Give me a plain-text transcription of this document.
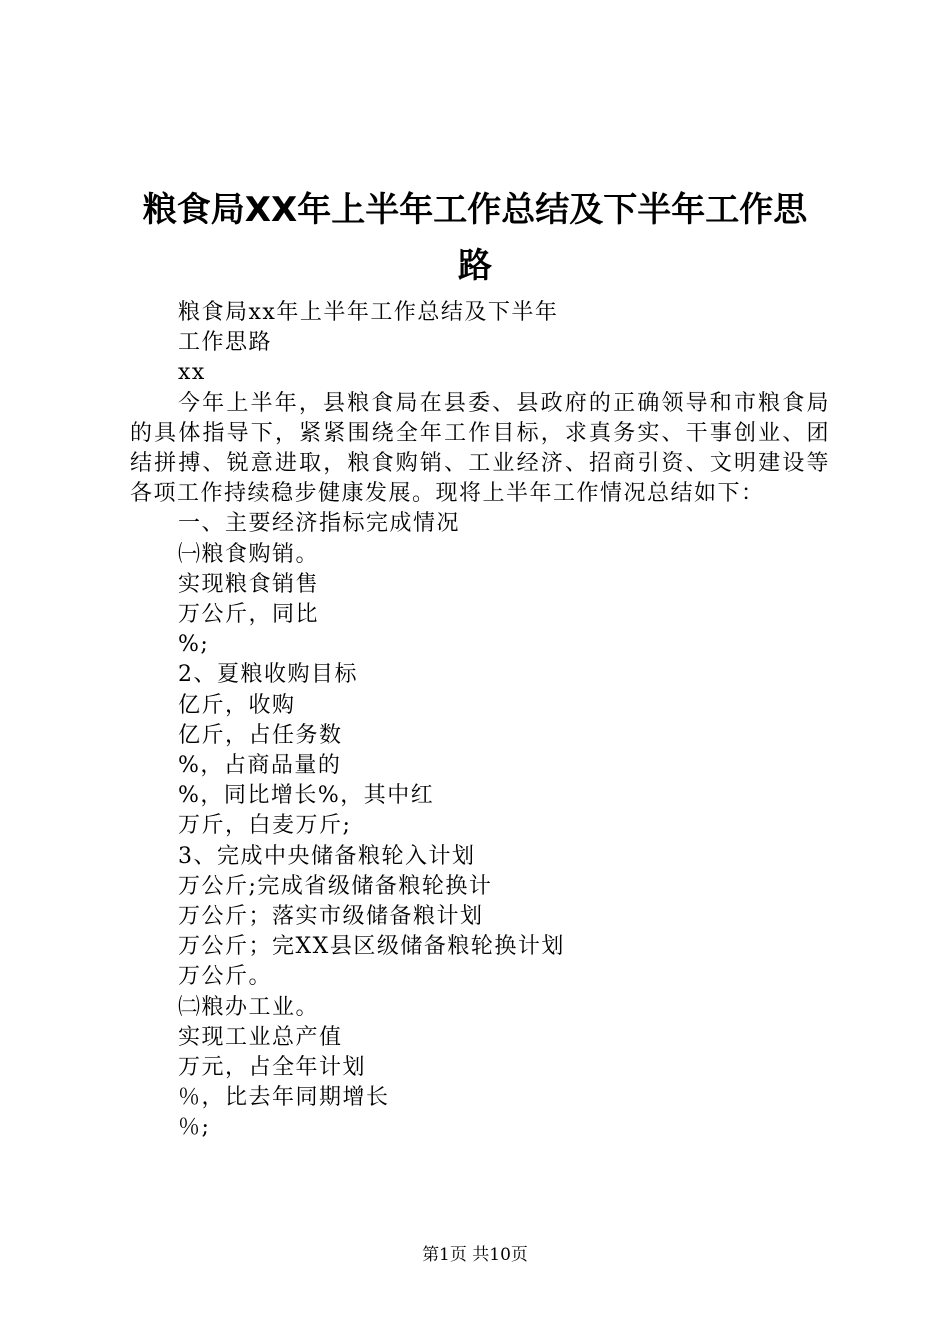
粮食局XX年上半年工作总结及下半年工作思
路

粮食局xx年上半年工作总结及下半年

工作思路

xx

今年上半年，县粮食局在县委、县政府的正确领导和市粮食局的具体指导下，紧紧围绕全年工作目标，求真务实、干事创业、团结拼搏、锐意进取，粮食购销、工业经济、招商引资、文明建设等各项工作持续稳步健康发展。现将上半年工作情况总结如下：

一、主要经济指标完成情况

㈠粮食购销。

实现粮食销售

万公斤，同比

%;

2、夏粮收购目标

亿斤，收购

亿斤，占任务数

%，占商品量的

%，同比增长%，其中红

万斤，白麦万斤;

3、完成中央储备粮轮入计划

万公斤;完成省级储备粮轮换计

万公斤；落实市级储备粮计划

万公斤；完XX县区级储备粮轮换计划

万公斤。

㈡粮办工业。

实现工业总产值

万元，占全年计划

％，比去年同期增长

％;

第1页 共10页
